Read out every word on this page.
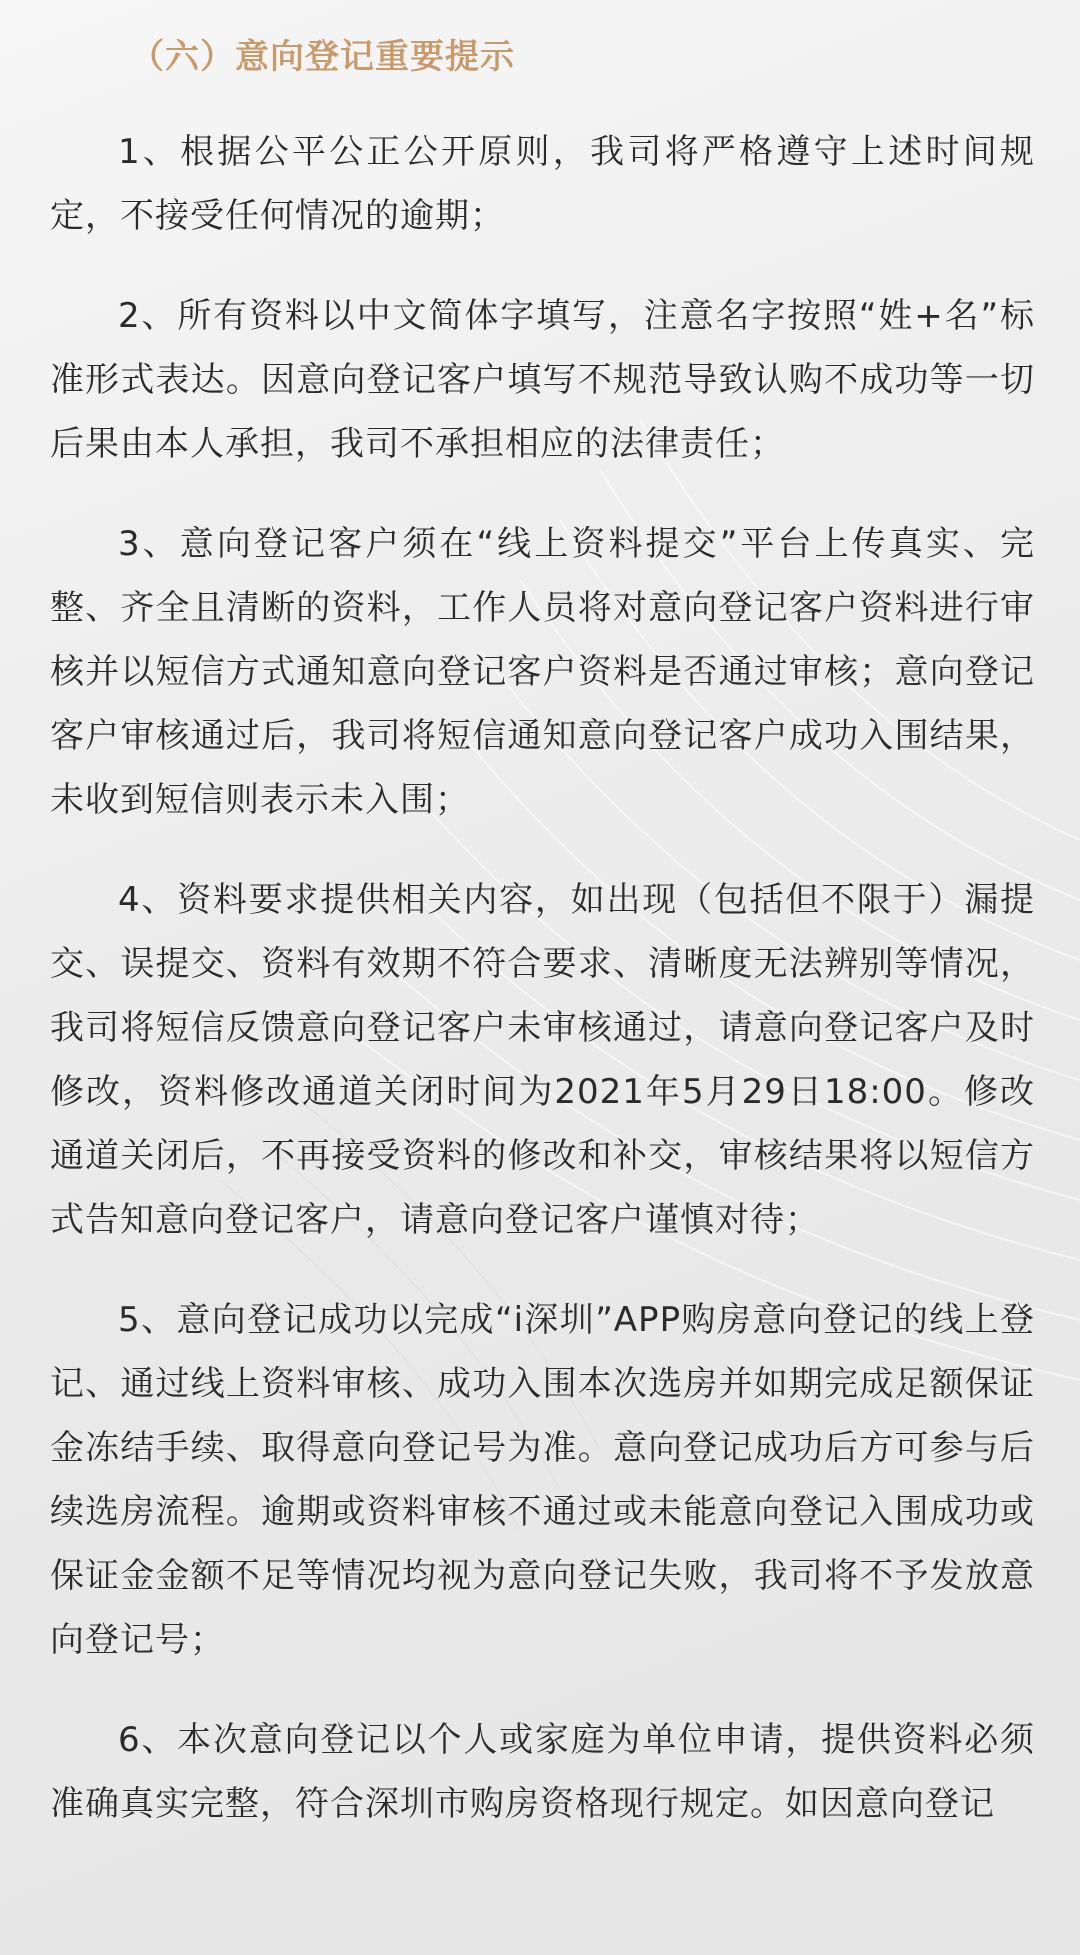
（六）意向登记重要提示

1、根据公平公正公开原则，我司将严格遵守上述时间规定，不接受任何情况的逾期；

2、所有资料以中文简体字填写，注意名字按照“姓+名”标准形式表达。因意向登记客户填写不规范导致认购不成功等一切后果由本人承担，我司不承担相应的法律责任；

3、意向登记客户须在“线上资料提交”平台上传真实、完整、齐全且清断的资料，工作人员将对意向登记客户资料进行审核并以短信方式通知意向登记客户资料是否通过审核；意向登记客户审核通过后，我司将短信通知意向登记客户成功入围结果，未收到短信则表示未入围；

4、资料要求提供相关内容，如出现（包括但不限于）漏提交、误提交、资料有效期不符合要求、清晰度无法辨别等情况，我司将短信反馈意向登记客户未审核通过，请意向登记客户及时修改，资料修改通道关闭时间为2021年5月29日18:00。修改通道关闭后，不再接受资料的修改和补交，审核结果将以短信方式告知意向登记客户，请意向登记客户谨慎对待；

5、意向登记成功以完成“i深圳”APP购房意向登记的线上登记、通过线上资料审核、成功入围本次选房并如期完成足额保证金冻结手续、取得意向登记号为准。意向登记成功后方可参与后续选房流程。逾期或资料审核不通过或未能意向登记入围成功或保证金金额不足等情况均视为意向登记失败，我司将不予发放意向登记号；

6、本次意向登记以个人或家庭为单位申请，提供资料必须准确真实完整，符合深圳市购房资格现行规定。如因意向登记
